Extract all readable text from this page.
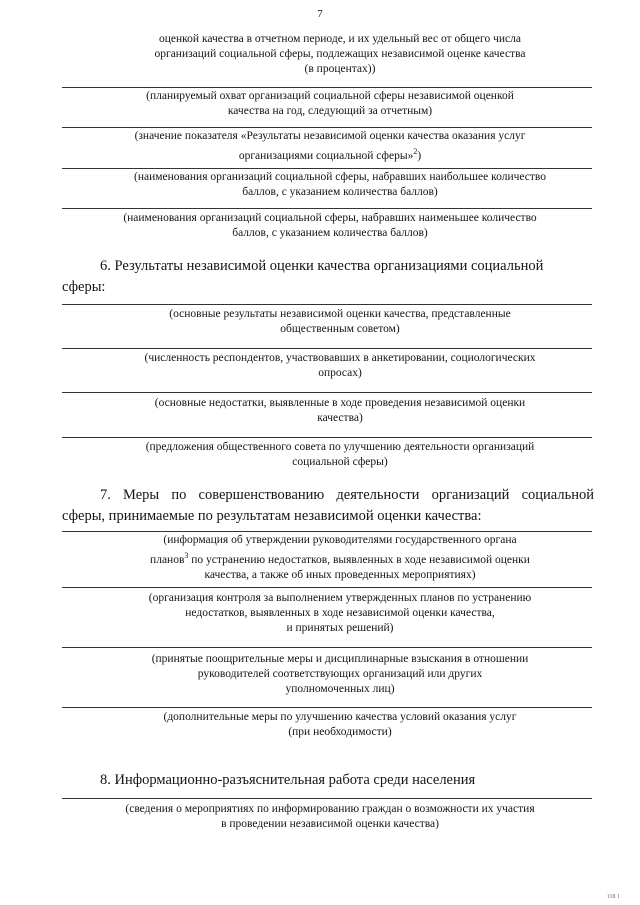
7
оценкой качества в отчетном периоде, и их удельный вес от общего числа
организаций социальной сферы, подлежащих независимой оценке качества
(в процентах))
(планируемый охват организаций социальной сферы независимой оценкой
качества на год, следующий за отчетным)
(значение показателя «Результаты независимой оценки качества оказания услуг
организациями социальной сферы»$^2$)
(наименования организаций социальной сферы, набравших наибольшее количество
баллов, с указанием количества баллов)
(наименования организаций социальной сферы, набравших наименьшее количество
баллов, с указанием количества баллов)
6. Результаты независимой оценки качества организациями социальной
сферы:
(основные результаты независимой оценки качества, представленные
общественным советом)
(численность респондентов, участвовавших в анкетировании, социологических
опросах)
(основные недостатки, выявленные в ходе проведения независимой оценки
качества)
(предложения общественного совета по улучшению деятельности организаций
социальной сферы)
7. Меры по совершенствованию деятельности организаций социальной
сферы, принимаемые по результатам независимой оценки качества:
(информация об утверждении руководителями государственного органа
планов$^3$ по устранению недостатков, выявленных в ходе независимой оценки
качества, а также об иных проведенных мероприятиях)
(организация контроля за выполнением утвержденных планов по устранению
недостатков, выявленных в ходе независимой оценки качества,
и принятых решений)
(принятые поощрительные меры и дисциплинарные взыскания в отношении
руководителей соответствующих организаций или других
уполномоченных лиц)
(дополнительные меры по улучшению качества условий оказания услуг
(при необходимости)
8. Информационно-разъяснительная работа среди населения
(сведения о мероприятиях по информированию граждан о возможности их участия
в проведении независимой оценки качества)
118 1
